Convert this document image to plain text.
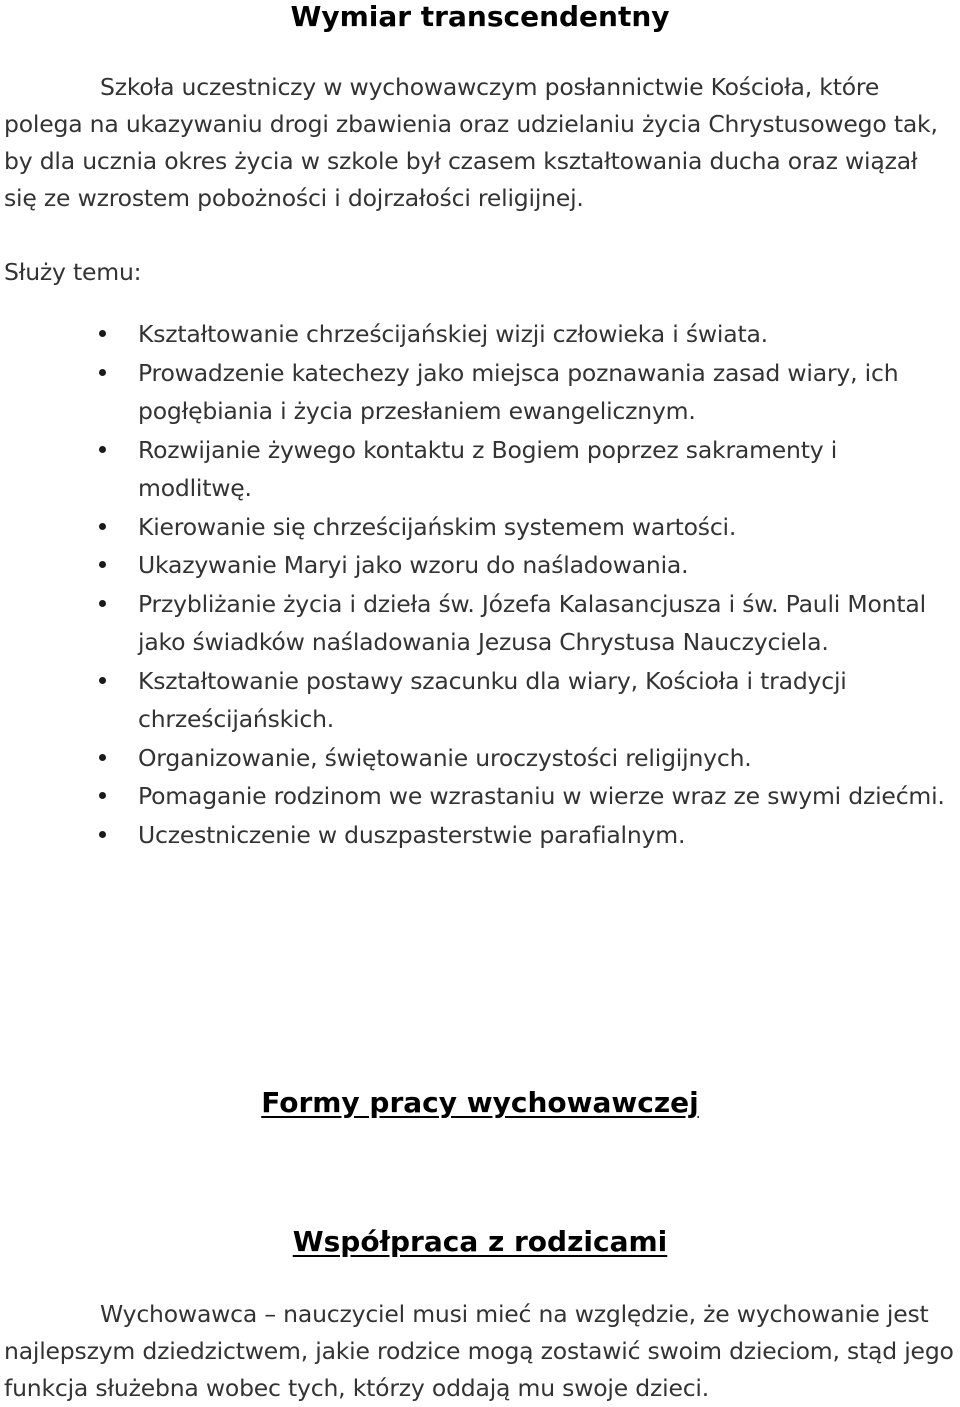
Wymiar transcendentny

Szkoła uczestniczy w wychowawczym posłannictwie Kościoła, które polega na ukazywaniu drogi zbawienia oraz udzielaniu życia Chrystusowego tak, by dla ucznia okres życia w szkole był czasem kształtowania ducha oraz wiązał się ze wzrostem pobożności i dojrzałości religijnej.

Służy temu:

Kształtowanie chrześcijańskiej wizji człowieka i świata.
Prowadzenie katechezy jako miejsca poznawania zasad wiary, ich pogłębiania i życia przesłaniem ewangelicznym.
Rozwijanie żywego kontaktu z Bogiem poprzez sakramenty i modlitwę.
Kierowanie się chrześcijańskim systemem wartości.
Ukazywanie Maryi jako wzoru do naśladowania.
Przybliżanie życia i dzieła św. Józefa Kalasancjusza i św. Pauli Montal jako świadków naśladowania Jezusa Chrystusa Nauczyciela.
Kształtowanie postawy szacunku dla wiary, Kościoła i tradycji chrześcijańskich.
Organizowanie, świętowanie uroczystości religijnych.
Pomaganie rodzinom we wzrastaniu w wierze wraz ze swymi dziećmi.
Uczestniczenie w duszpasterstwie parafialnym.
Formy pracy wychowawczej
Współpraca z rodzicami

Wychowawca – nauczyciel musi mieć na względzie, że wychowanie jest najlepszym dziedzictwem, jakie rodzice mogą zostawić swoim dzieciom, stąd jego funkcja służebna wobec tych, którzy oddają mu swoje dzieci.
